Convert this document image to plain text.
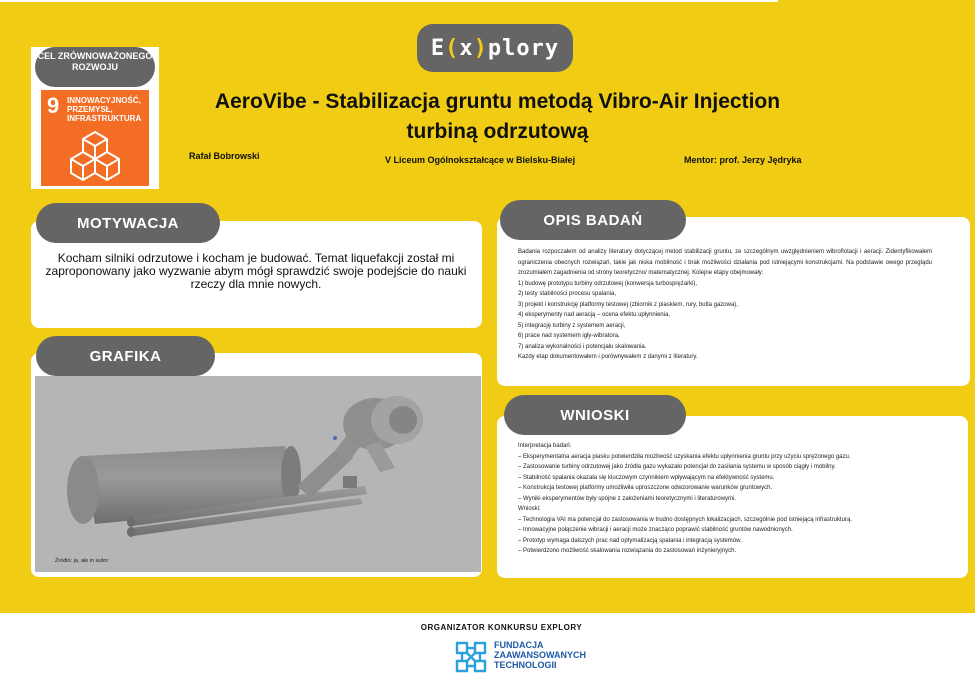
E ( x ) plory
CEL ZRÓWNOWAŻONEGO ROZWOJU
9 INNOWACYJNOŚĆ, PRZEMYSŁ, INFRASTRUKTURA
AeroVibe - Stabilizacja gruntu metodą Vibro-Air Injection
turbiną odrzutową
Rafał Bobrowski	V Liceum Ogólnokształcące w Bielsku-Białej	Mentor: prof. Jerzy Jędryka
MOTYWACJA
Kocham silniki odrzutowe i kocham je budować. Temat liquefakcji został mi zaproponowany jako wyzwanie abym mógł sprawdzić swoje podejście do nauki rzeczy dla mnie nowych.
Źródło: ja, ale in autor
GRAFIKA
OPIS BADAŃ
Badania rozpoczałem od analizy literatury dotyczącej metod stabilizacji gruntu, ze szczególnym uwzględnieniem wibroflotacji i aeracji. Zidentyfikowałem ograniczenia obecnych rozwiązań, takie jak niska mobilność i brak możliwości działania pod istniejącymi konstrukcjami. Na podstawie owego przeglądu zrozumiałem zagadnienia od strony teoretyczno/ matematycznej. Kolejne etapy obejmowały:
1) budowę prototypu turbiny odrzutowej (konwersja turbosprężarki),
2) testy stabilności procesu spalania,
3) projekt i konstrukcję platformy testowej (zbiornik z piaskiem, rury, butla gazowa),
4) eksperymenty nad aeracją – ocena efektu upłynnienia,
5) integrację turbiny z systemem aeracji,
6) prace nad systemem igły-wibratora,
7) analiza wykonalności i potencjału skalowania.
Każdy etap dokumentowałem i porównywałem z danymi z literatury.
WNIOSKI
Interpretacja badań:
– Eksperymentalna aeracja piasku potwierdziła możliwość uzyskania efektu upłynnienia gruntu przy użyciu sprężonego gazu.
– Zastosowanie turbiny odrzutowej jako źródła gazu wykazało potencjał do zasilania systemu w sposób ciągły i mobilny.
– Stabilność spalania okazała się kluczowym czynnikiem wpływającym na efektywność systemu.
– Konstrukcja testowej platformy umożliwiła uproszczone odwzorowanie warunków gruntowych.
– Wyniki eksperymentów były spójne z założeniami teoretycznymi i literaturowymi.
Wnioski:
– Technologia VAI ma potencjał do zastosowania w trudno dostępnych lokalizacjach, szczególnie pod istniejącą infrastrukturą.
– Innowacyjne połączenie wibracji i aeracji może znacząco poprawić stabilność gruntów nawodnionych.
– Prototyp wymaga dalszych prac nad optymalizacją spalania i integracją systemów.
– Potwierdzono możliwość skalowania rozwiązania do zastosowań inżynieryjnych.
ORGANIZATOR KONKURSU EXPLORY
FUNDACJA
ZAAWANSOWANYCH
TECHNOLOGII
